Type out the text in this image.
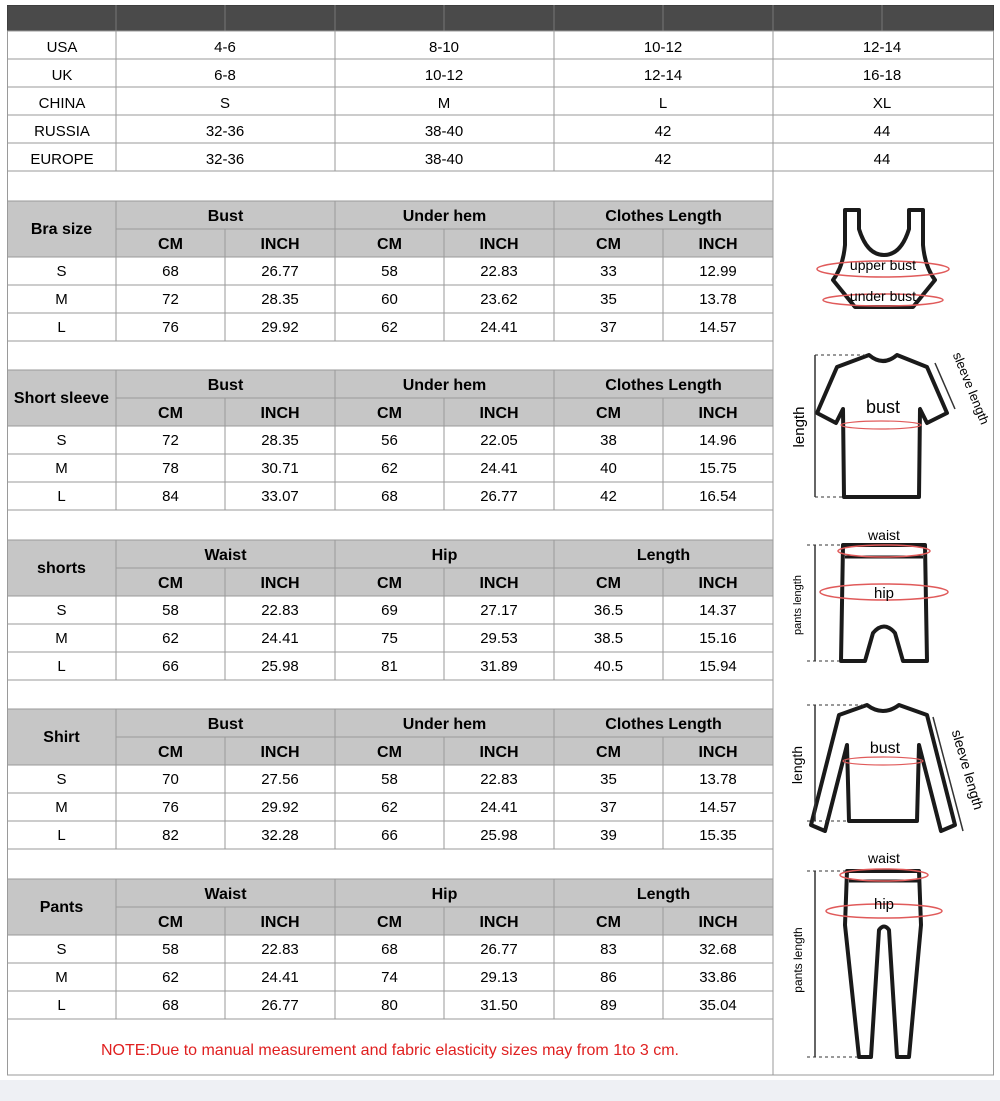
USA	4-6	8-10	10-12	12-14
UK	6-8	10-12	12-14	16-18
CHINA	S	M	L	XL
RUSSIA	32-36	38-40	42	44
EUROPE	32-36	38-40	42	44
Bra size
Bust	Under hem	Clothes Length
CM	INCH	CM	INCH	CM	INCH
S	68	26.77	58	22.83	33	12.99
M	72	28.35	60	23.62	35	13.78
L	76	29.92	62	24.41	37	14.57
Short sleeve
Bust	Under hem	Clothes Length
CM	INCH	CM	INCH	CM	INCH
S	72	28.35	56	22.05	38	14.96
M	78	30.71	62	24.41	40	15.75
L	84	33.07	68	26.77	42	16.54
shorts
Waist	Hip	Length
CM	INCH	CM	INCH	CM	INCH
S	58	22.83	69	27.17	36.5	14.37
M	62	24.41	75	29.53	38.5	15.16
L	66	25.98	81	31.89	40.5	15.94
Shirt
Bust	Under hem	Clothes Length
CM	INCH	CM	INCH	CM	INCH
S	70	27.56	58	22.83	35	13.78
M	76	29.92	62	24.41	37	14.57
L	82	32.28	66	25.98	39	15.35
Pants
Waist	Hip	Length
CM	INCH	CM	INCH	CM	INCH
S	58	22.83	68	26.77	83	32.68
M	62	24.41	74	29.13	86	33.86
L	68	26.77	80	31.50	89	35.04
NOTE:Due to manual measurement and fabric elasticity sizes may from 1to 3 cm.
upper bust
under bust
bust
length
sleeve length
waist
hip
pants length
bust
length	sleeve length
waist
hip
pants length
